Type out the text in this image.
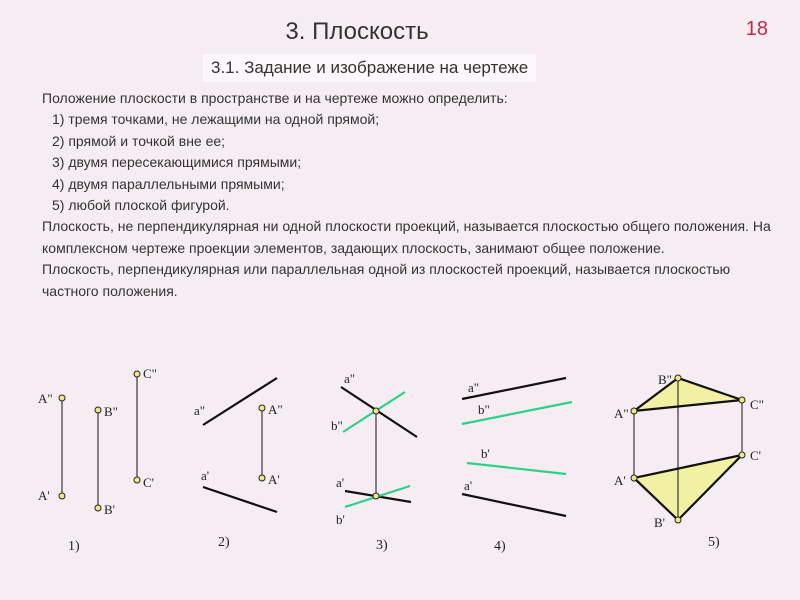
3. Плоскость	18
3.1. Задание и изображение на чертеже

Положение плоскости в пространстве и на чертеже можно определить:

1) тремя точками, не лежащими на одной прямой;

2) прямой и точкой вне ее;

3) двумя пересекающимися прямыми;

4) двумя параллельными прямыми;

5) любой плоской фигурой.

Плоскость, не перпендикулярная ни одной плоскости проекций, называется плоскостью общего положения. На комплексном чертеже проекции элементов, задающих плоскость, занимают общее положение.

Плоскость, перпендикулярная или параллельная одной из плоскостей проекций, называется плоскостью частного положения.

A"
A'
B"
B'
C"
C'
1)
a"
a'
A"
A'
2)
a"
b"
a'
b'
3)
a"
b"
b'
a'
4)
B"
A"
C"
C'
A'
B'
5)
